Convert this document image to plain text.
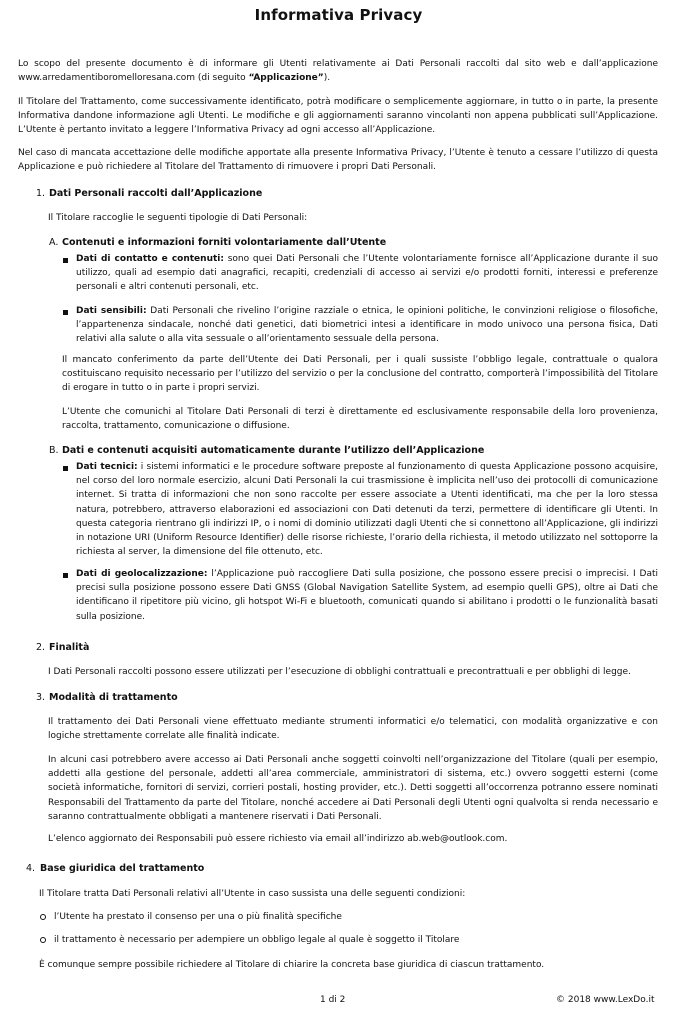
Informativa Privacy

Lo scopo del presente documento è di informare gli Utenti relativamente ai Dati Personali raccolti dal sito web e dall’applicazione www.arredamentiboromelloresana.com (di seguito “Applicazione”).

Il Titolare del Trattamento, come successivamente identificato, potrà modificare o semplicemente aggiornare, in tutto o in parte, la presente Informativa dandone informazione agli Utenti. Le modifiche e gli aggiornamenti saranno vincolanti non appena pubblicati sull’Applicazione. L’Utente è pertanto invitato a leggere l’Informativa Privacy ad ogni accesso all’Applicazione.

Nel caso di mancata accettazione delle modifiche apportate alla presente Informativa Privacy, l’Utente è tenuto a cessare l’utilizzo di questa Applicazione e può richiedere al Titolare del Trattamento di rimuovere i propri Dati Personali.

1. Dati Personali raccolti dall’Applicazione

Il Titolare raccoglie le seguenti tipologie di Dati Personali:

A. Contenuti e informazioni forniti volontariamente dall’Utente

Dati di contatto e contenuti: sono quei Dati Personali che l’Utente volontariamente fornisce all’Applicazione durante il suo utilizzo, quali ad esempio dati anagrafici, recapiti, credenziali di accesso ai servizi e/o prodotti forniti, interessi e preferenze personali e altri contenuti personali, etc.

Dati sensibili: Dati Personali che rivelino l’origine razziale o etnica, le opinioni politiche, le convinzioni religiose o filosofiche, l’appartenenza sindacale, nonché dati genetici, dati biometrici intesi a identificare in modo univoco una persona fisica, Dati relativi alla salute o alla vita sessuale o all’orientamento sessuale della persona.

Il mancato conferimento da parte dell’Utente dei Dati Personali, per i quali sussiste l’obbligo legale, contrattuale o qualora costituiscano requisito necessario per l’utilizzo del servizio o per la conclusione del contratto, comporterà l’impossibilità del Titolare di erogare in tutto o in parte i propri servizi.

L’Utente che comunichi al Titolare Dati Personali di terzi è direttamente ed esclusivamente responsabile della loro provenienza, raccolta, trattamento, comunicazione o diffusione.

B. Dati e contenuti acquisiti automaticamente durante l’utilizzo dell’Applicazione

Dati tecnici: i sistemi informatici e le procedure software preposte al funzionamento di questa Applicazione possono acquisire, nel corso del loro normale esercizio, alcuni Dati Personali la cui trasmissione è implicita nell’uso dei protocolli di comunicazione internet. Si tratta di informazioni che non sono raccolte per essere associate a Utenti identificati, ma che per la loro stessa natura, potrebbero, attraverso elaborazioni ed associazioni con Dati detenuti da terzi, permettere di identificare gli Utenti. In questa categoria rientrano gli indirizzi IP, o i nomi di dominio utilizzati dagli Utenti che si connettono all’Applicazione, gli indirizzi in notazione URI (Uniform Resource Identifier) delle risorse richieste, l’orario della richiesta, il metodo utilizzato nel sottoporre la richiesta al server, la dimensione del file ottenuto, etc.

Dati di geolocalizzazione: l’Applicazione può raccogliere Dati sulla posizione, che possono essere precisi o imprecisi. I Dati precisi sulla posizione possono essere Dati GNSS (Global Navigation Satellite System, ad esempio quelli GPS), oltre ai Dati che identificano il ripetitore più vicino, gli hotspot Wi-Fi e bluetooth, comunicati quando si abilitano i prodotti o le funzionalità basati sulla posizione.

2. Finalità

I Dati Personali raccolti possono essere utilizzati per l’esecuzione di obblighi contrattuali e precontrattuali e per obblighi di legge.

3. Modalità di trattamento

Il trattamento dei Dati Personali viene effettuato mediante strumenti informatici e/o telematici, con modalità organizzative e con logiche strettamente correlate alle finalità indicate.

In alcuni casi potrebbero avere accesso ai Dati Personali anche soggetti coinvolti nell’organizzazione del Titolare (quali per esempio, addetti alla gestione del personale, addetti all’area commerciale, amministratori di sistema, etc.) ovvero soggetti esterni (come società informatiche, fornitori di servizi, corrieri postali, hosting provider, etc.). Detti soggetti all’occorrenza potranno essere nominati Responsabili del Trattamento da parte del Titolare, nonché accedere ai Dati Personali degli Utenti ogni qualvolta si renda necessario e saranno contrattualmente obbligati a mantenere riservati i Dati Personali.

L’elenco aggiornato dei Responsabili può essere richiesto via email all’indirizzo ab.web@outlook.com.

4. Base giuridica del trattamento

Il Titolare tratta Dati Personali relativi all’Utente in caso sussista una delle seguenti condizioni:

l’Utente ha prestato il consenso per una o più finalità specifiche

il trattamento è necessario per adempiere un obbligo legale al quale è soggetto il Titolare

È comunque sempre possibile richiedere al Titolare di chiarire la concreta base giuridica di ciascun trattamento.

1 di 2	© 2018 www.LexDo.it
